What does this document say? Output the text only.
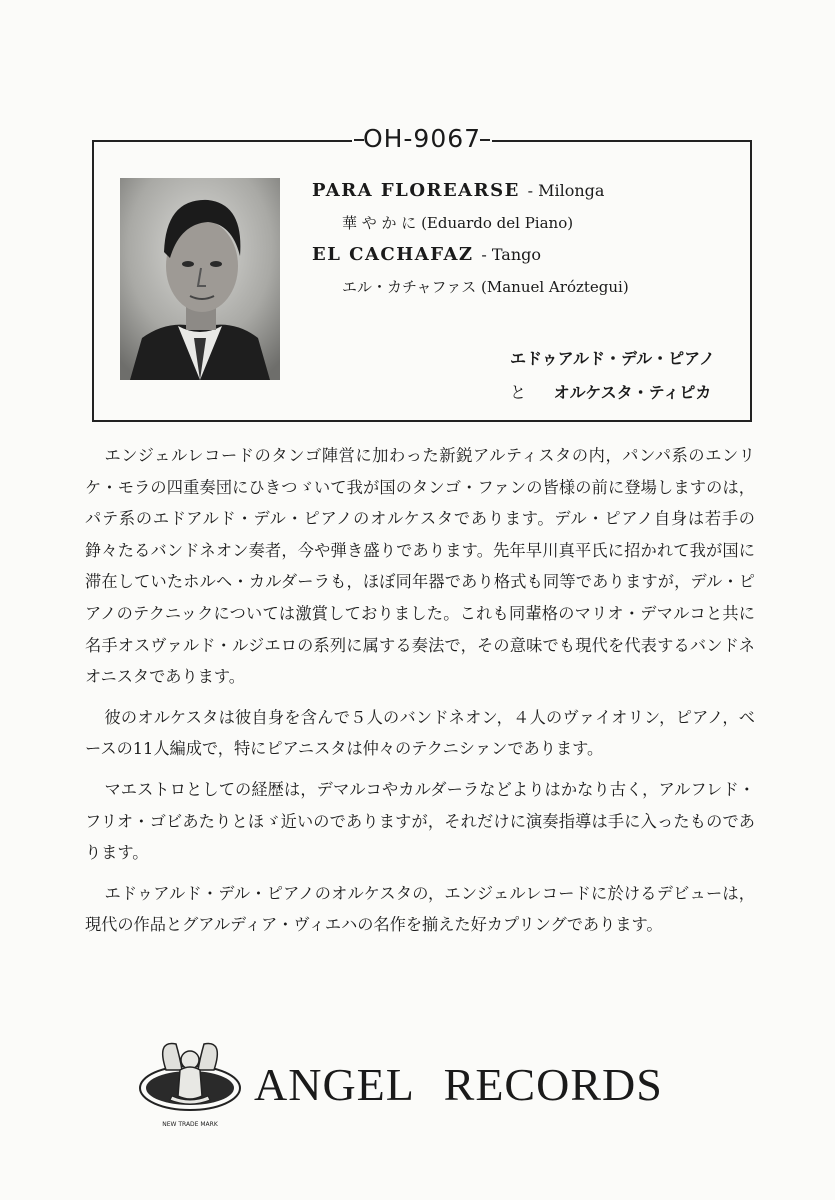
OH-9067
PARA FLOREARSE - Milonga
華 や か に (Eduardo del Piano)
EL CACHAFAZ - Tango
エル・カチャファス (Manuel Aróztegui)
エドゥアルド・デル・ピアノ
と オルケスタ・ティピカ

エンジェルレコードのタンゴ陣営に加わった新鋭アルティスタの内，パンパ系のエンリケ・モラの四重奏団にひきつゞいて我が国のタンゴ・ファンの皆様の前に登場しますのは，パテ系のエドアルド・デル・ピアノのオルケスタであります。デル・ピアノ自身は若手の錚々たるバンドネオン奏者，今や弾き盛りであります。先年早川真平氏に招かれて我が国に滞在していたホルヘ・カルダーラも，ほぼ同年器であり格式も同等でありますが，デル・ピアノのテクニックについては激賞しておりました。これも同輩格のマリオ・デマルコと共に名手オスヴァルド・ルジエロの系列に属する奏法で，その意味でも現代を代表するバンドネオニスタであります。

彼のオルケスタは彼自身を含んで５人のバンドネオン，４人のヴァイオリン，ピアノ，ベースの11人編成で，特にピアニスタは仲々のテクニシァンであります。

マエストロとしての経歴は，デマルコやカルダーラなどよりはかなり古く，アルフレド・フリオ・ゴビあたりとほゞ近いのでありますが，それだけに演奏指導は手に入ったものであります。

エドゥアルド・デル・ピアノのオルケスタの，エンジェルレコードに於けるデビューは，現代の作品とグアルディア・ヴィエハの名作を揃えた好カプリングであります。

NEW TRADE MARK
ANGEL RECORDS
